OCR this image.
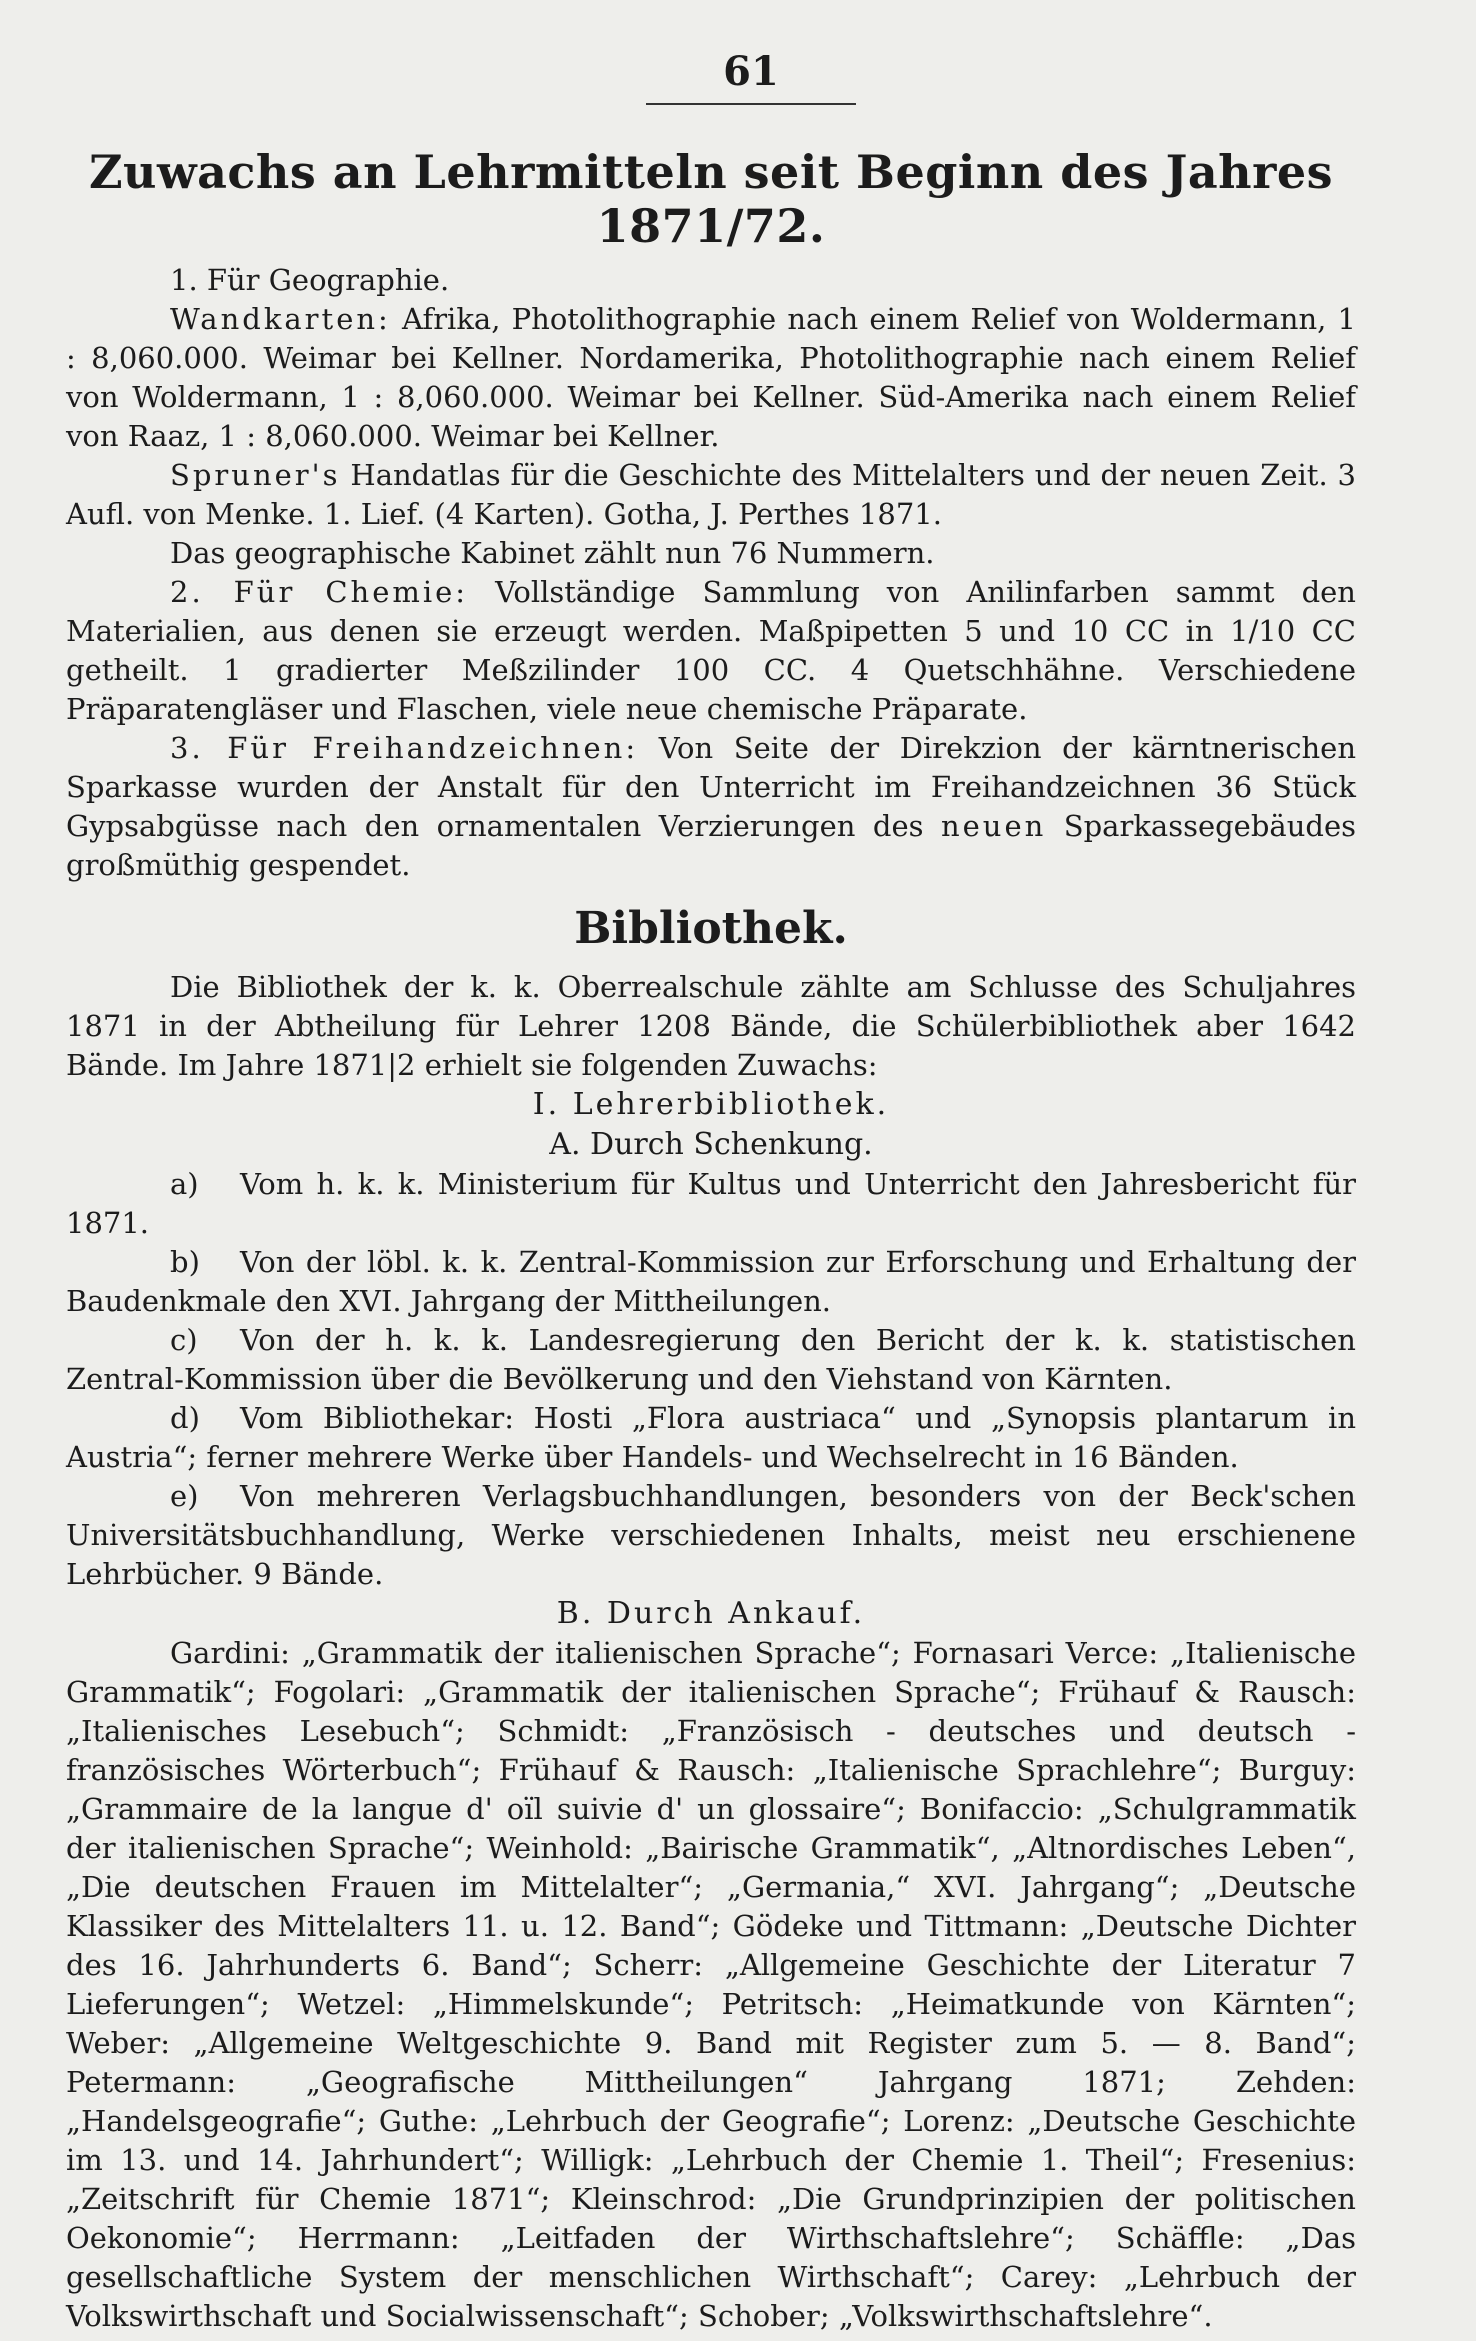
61
Zuwachs an Lehrmitteln seit Beginn des Jahres 1871/72.

1. Für Geographie.

Wandkarten: Afrika, Photolithographie nach einem Relief von Woldermann, 1 : 8,060.000. Weimar bei Kellner. Nordamerika, Photolithographie nach einem Relief von Woldermann, 1 : 8,060.000. Weimar bei Kellner. Süd-Amerika nach einem Relief von Raaz, 1 : 8,060.000. Weimar bei Kellner.

Spruner's Handatlas für die Geschichte des Mittelalters und der neuen Zeit. 3 Aufl. von Menke. 1. Lief. (4 Karten). Gotha, J. Perthes 1871.

Das geographische Kabinet zählt nun 76 Nummern.

2. Für Chemie: Vollständige Sammlung von Anilinfarben sammt den Materialien, aus denen sie erzeugt werden. Maßpipetten 5 und 10 CC in 1/10 CC getheilt. 1 gradierter Meßzilinder 100 CC. 4 Quetschhähne. Verschiedene Präparatengläser und Flaschen, viele neue chemische Präparate.

3. Für Freihandzeichnen: Von Seite der Direkzion der kärntnerischen Sparkasse wurden der Anstalt für den Unterricht im Freihandzeichnen 36 Stück Gypsabgüsse nach den ornamentalen Verzierungen des neuen Sparkassegebäudes großmüthig gespendet.

Bibliothek.

Die Bibliothek der k. k. Oberrealschule zählte am Schlusse des Schuljahres 1871 in der Abtheilung für Lehrer 1208 Bände, die Schülerbibliothek aber 1642 Bände. Im Jahre 1871|2 erhielt sie folgenden Zuwachs:

I. Lehrerbibliothek.

A. Durch Schenkung.

a) Vom h. k. k. Ministerium für Kultus und Unterricht den Jahresbericht für 1871.

b) Von der löbl. k. k. Zentral-Kommission zur Erforschung und Erhaltung der Baudenkmale den XVI. Jahrgang der Mittheilungen.

c) Von der h. k. k. Landesregierung den Bericht der k. k. statistischen Zentral-Kommission über die Bevölkerung und den Viehstand von Kärnten.

d) Vom Bibliothekar: Hosti „Flora austriaca“ und „Synopsis plantarum in Austria“; ferner mehrere Werke über Handels- und Wechselrecht in 16 Bänden.

e) Von mehreren Verlagsbuchhandlungen, besonders von der Beck'schen Universitätsbuchhandlung, Werke verschiedenen Inhalts, meist neu erschienene Lehrbücher. 9 Bände.

B. Durch Ankauf.

Gardini: „Grammatik der italienischen Sprache“; Fornasari Verce: „Italienische Grammatik“; Fogolari: „Grammatik der italienischen Sprache“; Frühauf & Rausch: „Italienisches Lesebuch“; Schmidt: „Französisch - deutsches und deutsch - französisches Wörterbuch“; Frühauf & Rausch: „Italienische Sprachlehre“; Burguy: „Grammaire de la langue d' oïl suivie d' un glossaire“; Bonifaccio: „Schulgrammatik der italienischen Sprache“; Weinhold: „Bairische Grammatik“, „Altnordisches Leben“, „Die deutschen Frauen im Mittelalter“; „Germania,“ XVI. Jahrgang“; „Deutsche Klassiker des Mittelalters 11. u. 12. Band“; Gödeke und Tittmann: „Deutsche Dichter des 16. Jahrhunderts 6. Band“; Scherr: „Allgemeine Geschichte der Literatur 7 Lieferungen“; Wetzel: „Himmelskunde“; Petritsch: „Heimatkunde von Kärnten“; Weber: „Allgemeine Weltgeschichte 9. Band mit Register zum 5. — 8. Band“; Petermann: „Geografische Mittheilungen“ Jahrgang 1871; Zehden: „Handelsgeografie“; Guthe: „Lehrbuch der Geografie“; Lorenz: „Deutsche Geschichte im 13. und 14. Jahrhundert“; Willigk: „Lehrbuch der Chemie 1. Theil“; Fresenius: „Zeitschrift für Chemie 1871“; Kleinschrod: „Die Grundprinzipien der politischen Oekonomie“; Herrmann: „Leitfaden der Wirthschaftslehre“; Schäffle: „Das gesellschaftliche System der menschlichen Wirthschaft“; Carey: „Lehrbuch der Volkswirthschaft und Socialwissenschaft“; Schober; „Volkswirthschaftslehre“.
